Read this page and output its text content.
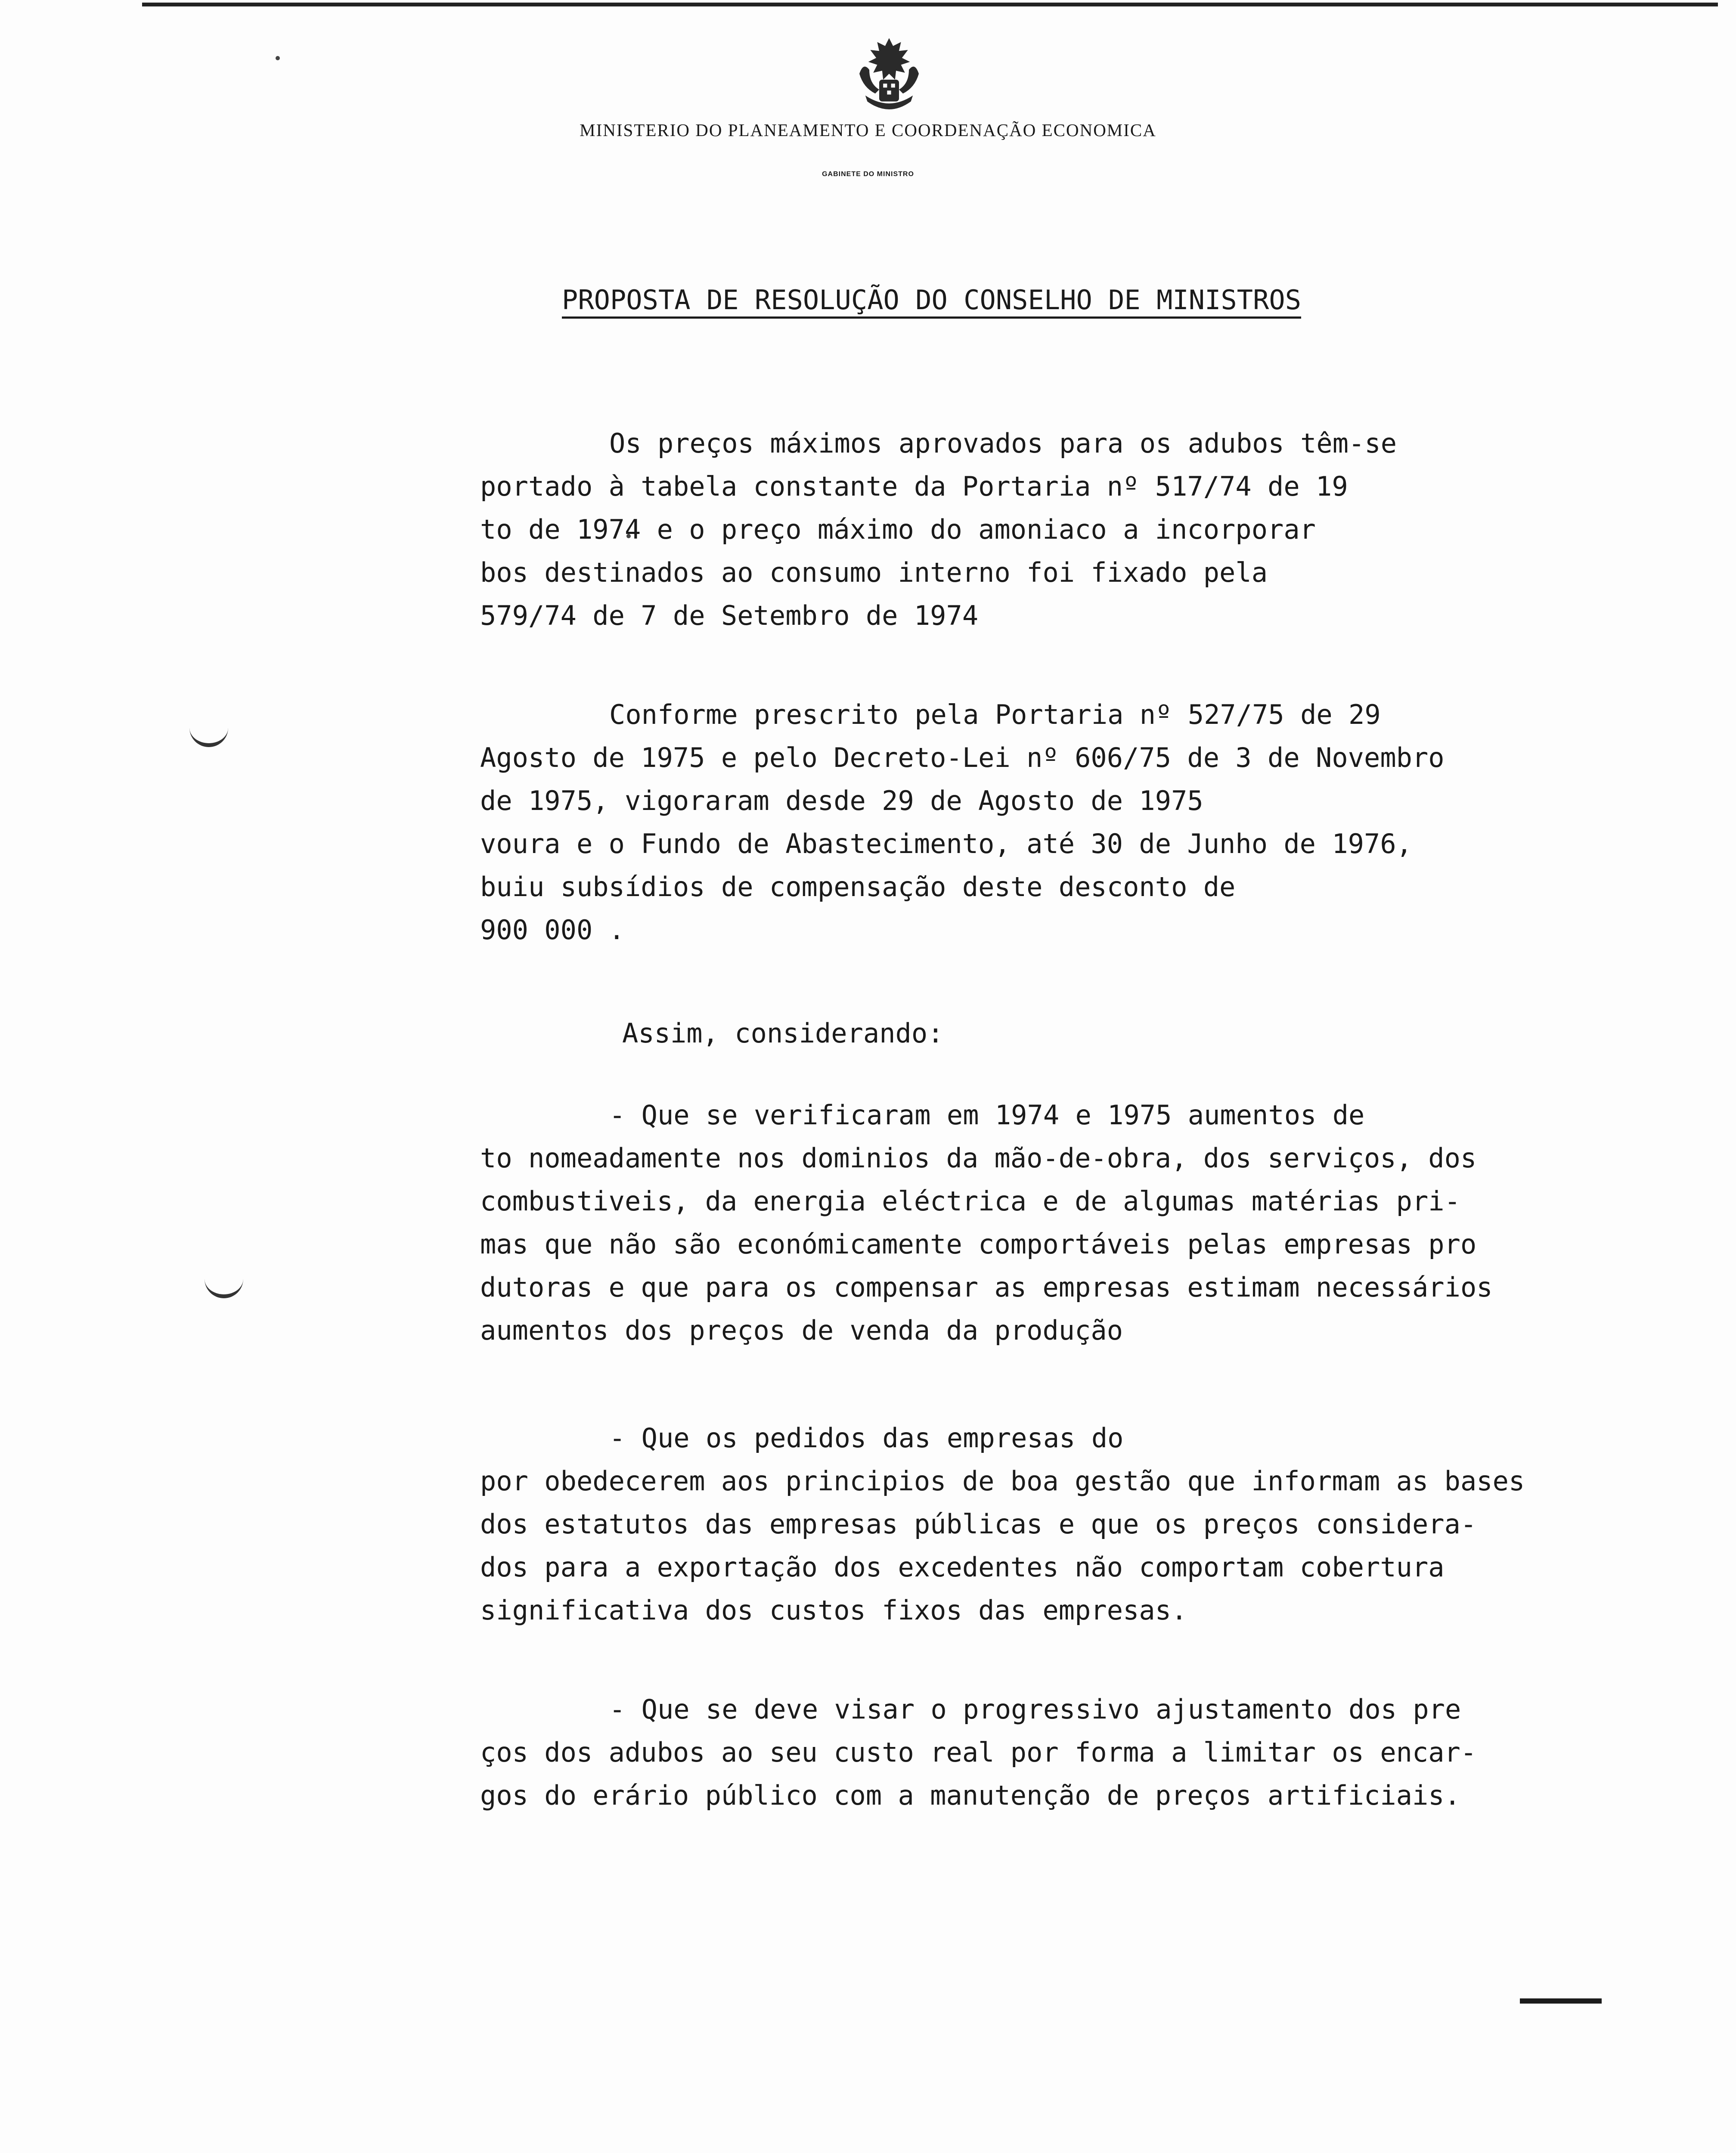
MINISTERIO DO PLANEAMENTO E COORDENAÇÃO ECONOMICA
GABINETE DO MINISTRO
PROPOSTA DE RESOLUÇÃO DO CONSELHO DE MINISTROS
Os preços máximos aprovados para os adubos têm-se
portado à tabela constante da Portaria nº 517/74 de 19
to de 1974 e o preço máximo do amoniaco a incorporar
bos destinados ao consumo interno foi fixado pela
579/74 de 7 de Setembro de 1974
Conforme prescrito pela Portaria nº 527/75 de 29
Agosto de 1975 e pelo Decreto-Lei nº 606/75 de 3 de Novembro
de 1975, vigoraram desde 29 de Agosto de 1975
voura e o Fundo de Abastecimento, até 30 de Junho de 1976,
buiu subsídios de compensação deste desconto de
900 000 .
Assim, considerando:
- Que se verificaram em 1974 e 1975 aumentos de
to nomeadamente nos dominios da mão-de-obra, dos serviços, dos
combustiveis, da energia eléctrica e de algumas matérias pri-
mas que não são económicamente comportáveis pelas empresas pro
dutoras e que para os compensar as empresas estimam necessários
aumentos dos preços de venda da produção
- Que os pedidos das empresas do
por obedecerem aos principios de boa gestão que informam as bases
dos estatutos das empresas públicas e que os preços considera-
dos para a exportação dos excedentes não comportam cobertura
significativa dos custos fixos das empresas.
- Que se deve visar o progressivo ajustamento dos pre
ços dos adubos ao seu custo real por forma a limitar os encar-
gos do erário público com a manutenção de preços artificiais.
